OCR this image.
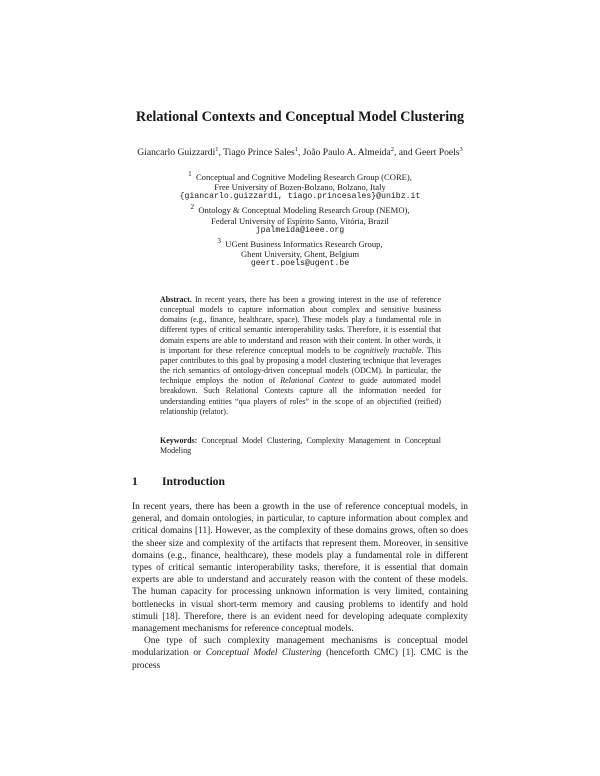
Relational Contexts and Conceptual Model Clustering
Giancarlo Guizzardi$^1$, Tiago Prince Sales$^1$, João Paulo A. Almeida$^2$, and Geert Poels$^3$
$^1$ Conceptual and Cognitive Modeling Research Group (CORE),
Free University of Bozen-Bolzano, Bolzano, Italy
{giancarlo.guizzardi, tiago.princesales}@unibz.it
$^2$ Ontology & Conceptual Modeling Research Group (NEMO),
Federal University of Espírito Santo, Vitória, Brazil
jpalmeida@ieee.org
$^3$ UGent Business Informatics Research Group,
Ghent University, Ghent, Belgium
geert.poels@ugent.be
Abstract. In recent years, there has been a growing interest in the use of reference conceptual models to capture information about complex and sensitive business domains (e.g., finance, healthcare, space). These models play a fundamental role in different types of critical semantic interoperability tasks. Therefore, it is essential that domain experts are able to understand and reason with their content. In other words, it is important for these reference conceptual models to be cognitively tractable. This paper contributes to this goal by proposing a model clustering technique that leverages the rich semantics of ontology-driven conceptual models (ODCM). In particular, the technique employs the notion of Relational Context to guide automated model breakdown. Such Relational Contexts capture all the information needed for understanding entities “qua players of roles” in the scope of an objectified (reified) relationship (relator).
Keywords: Conceptual Model Clustering, Complexity Management in Conceptual Modeling
1 Introduction

In recent years, there has been a growth in the use of reference conceptual models, in general, and domain ontologies, in particular, to capture information about complex and critical domains [11]. However, as the complexity of these domains grows, often so does the sheer size and complexity of the artifacts that represent them. Moreover, in sensitive domains (e.g., finance, healthcare), these models play a fundamental role in different types of critical semantic interoperability tasks, therefore, it is essential that domain experts are able to understand and accurately reason with the content of these models. The human capacity for processing unknown information is very limited, containing bottlenecks in visual short-term memory and causing problems to identify and hold stimuli [18]. Therefore, there is an evident need for developing adequate complexity management mechanisms for reference conceptual models.

One type of such complexity management mechanisms is conceptual model modularization or Conceptual Model Clustering (henceforth CMC) [1]. CMC is the process
